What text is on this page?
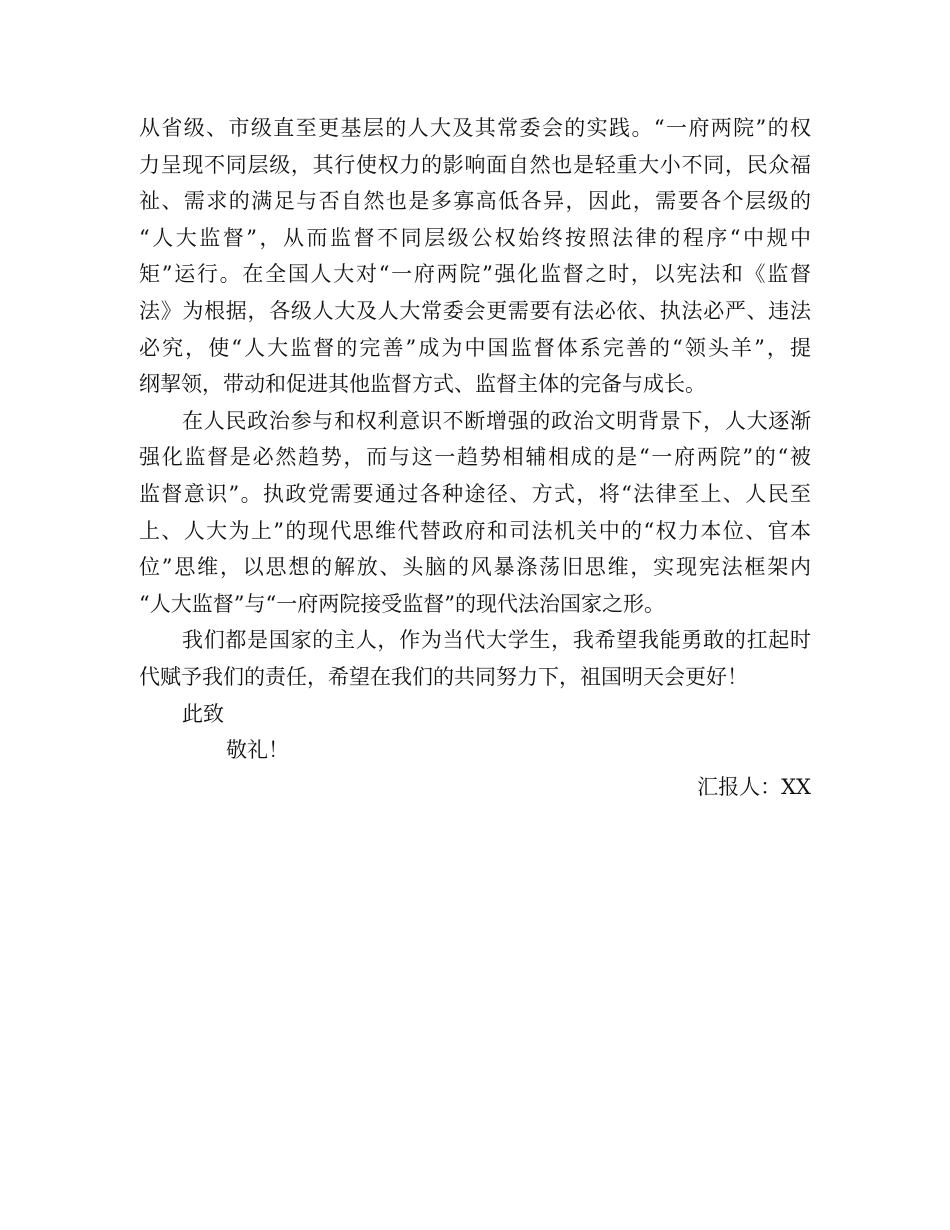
从省级、市级直至更基层的人大及其常委会的实践。“一府两院”的权
力呈现不同层级，其行使权力的影响面自然也是轻重大小不同，民众福
祉、需求的满足与否自然也是多寡高低各异，因此，需要各个层级的
“人大监督”，从而监督不同层级公权始终按照法律的程序“中规中
矩”运行。在全国人大对“一府两院”强化监督之时，以宪法和《监督
法》为根据，各级人大及人大常委会更需要有法必依、执法必严、违法
必究，使“人大监督的完善”成为中国监督体系完善的“领头羊”，提
纲挈领，带动和促进其他监督方式、监督主体的完备与成长。
在人民政治参与和权利意识不断增强的政治文明背景下，人大逐渐
强化监督是必然趋势，而与这一趋势相辅相成的是“一府两院”的“被
监督意识”。执政党需要通过各种途径、方式，将“法律至上、人民至
上、人大为上”的现代思维代替政府和司法机关中的“权力本位、官本
位”思维，以思想的解放、头脑的风暴涤荡旧思维，实现宪法框架内
“人大监督”与“一府两院接受监督”的现代法治国家之形。
我们都是国家的主人，作为当代大学生，我希望我能勇敢的扛起时
代赋予我们的责任，希望在我们的共同努力下，祖国明天会更好！
此致
敬礼！
汇报人：XX
